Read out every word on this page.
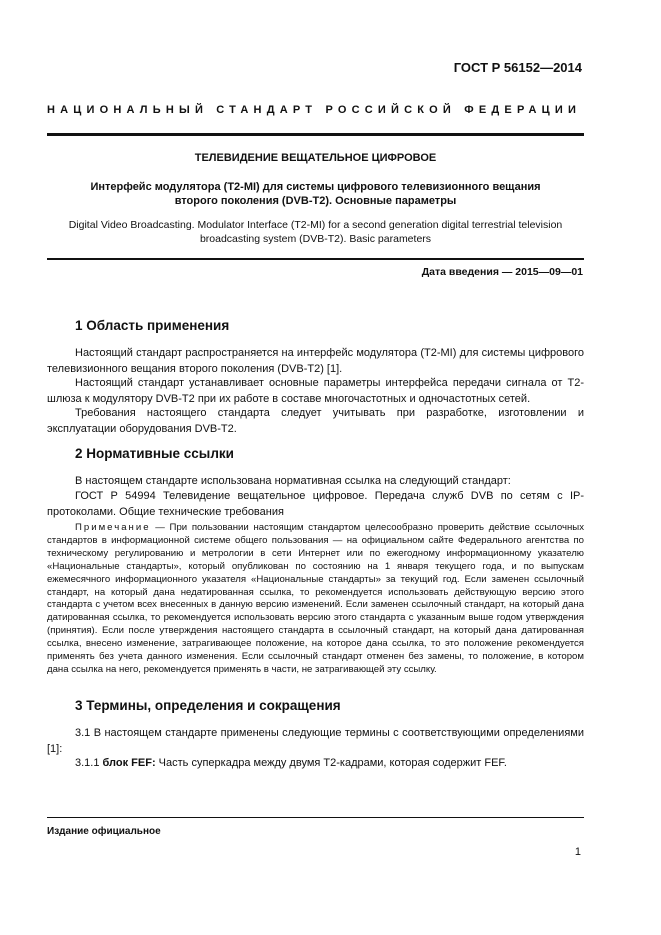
ГОСТ Р 56152—2014
НАЦИОНАЛЬНЫЙ СТАНДАРТ РОССИЙСКОЙ ФЕДЕРАЦИИ
ТЕЛЕВИДЕНИЕ ВЕЩАТЕЛЬНОЕ ЦИФРОВОЕ
Интерфейс модулятора (Т2-МI) для системы цифрового телевизионного вещания
второго поколения (DVB-T2). Основные параметры
Digital Video Broadcasting. Modulator Interface (T2-MI) for a second generation digital terrestrial television
broadcasting system (DVB-T2). Basic parameters
Дата введения — 2015—09—01
1 Область применения

Настоящий стандарт распространяется на интерфейс модулятора (Т2-МI) для системы цифрового телевизионного вещания второго поколения (DVB-T2) [1].

Настоящий стандарт устанавливает основные параметры интерфейса передачи сигнала от Т2-шлюза к модулятору DVB-T2 при их работе в составе многочастотных и одночастотных сетей.

Требования настоящего стандарта следует учитывать при разработке, изготовлении и эксплуатации оборудования DVB-T2.

2 Нормативные ссылки

В настоящем стандарте использована нормативная ссылка на следующий стандарт:

ГОСТ Р 54994 Телевидение вещательное цифровое. Передача служб DVB по сетям с IP-протоколами. Общие технические требования

Примечание — При пользовании настоящим стандартом целесообразно проверить действие ссылочных стандартов в информационной системе общего пользования — на официальном сайте Федерального агентства по техническому регулированию и метрологии в сети Интернет или по ежегодному информационному указателю «Национальные стандарты», который опубликован по состоянию на 1 января текущего года, и по выпускам ежемесячного информационного указателя «Национальные стандарты» за текущий год. Если заменен ссылочный стандарт, на который дана недатированная ссылка, то рекомендуется использовать действующую версию этого стандарта с учетом всех внесенных в данную версию изменений. Если заменен ссылочный стандарт, на который дана датированная ссылка, то рекомендуется использовать версию этого стандарта с указанным выше годом утверждения (принятия). Если после утверждения настоящего стандарта в ссылочный стандарт, на который дана датированная ссылка, внесено изменение, затрагивающее положение, на которое дана ссылка, то это положение рекомендуется применять без учета данного изменения. Если ссылочный стандарт отменен без замены, то положение, в котором дана ссылка на него, рекомендуется применять в части, не затрагивающей эту ссылку.

3 Термины, определения и сокращения

3.1 В настоящем стандарте применены следующие термины с соответствующими определениями [1]:

3.1.1 блок FEF: Часть суперкадра между двумя Т2-кадрами, которая содержит FEF.

Издание официальное
1
